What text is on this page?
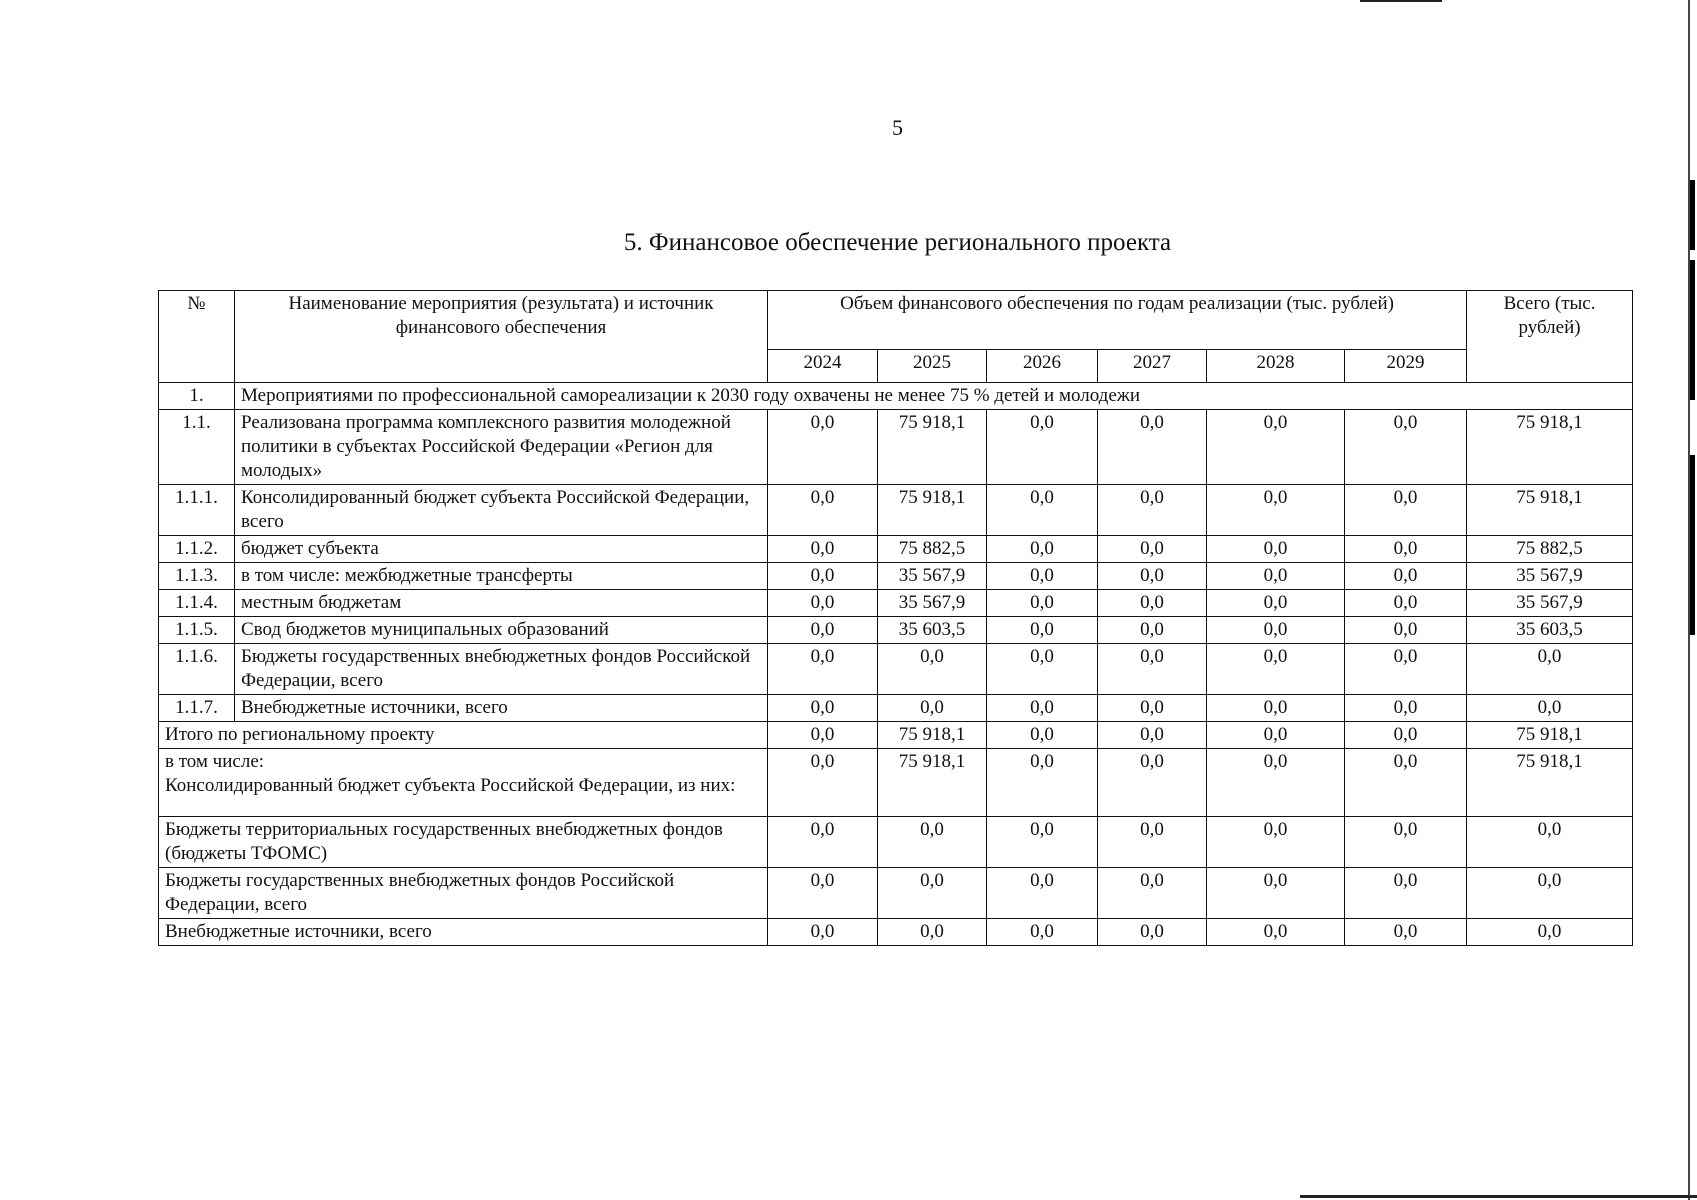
5
5. Финансовое обеспечение регионального проекта
№	Наименование мероприятия (результата) и источник финансового обеспечения	Объем финансового обеспечения по годам реализации (тыс. рублей)						Всего (тыс. рублей)
		2024	2025	2026	2027	2028	2029	
1.	Мероприятиями по профессиональной самореализации к 2030 году охвачены не менее 75 % детей и молодежи							
1.1.	Реализована программа комплексного развития молодежной политики в субъектах Российской Федерации «Регион для молодых»	0,0	75 918,1	0,0	0,0	0,0	0,0	75 918,1
1.1.1.	Консолидированный бюджет субъекта Российской Федерации, всего	0,0	75 918,1	0,0	0,0	0,0	0,0	75 918,1
1.1.2.	бюджет субъекта	0,0	75 882,5	0,0	0,0	0,0	0,0	75 882,5
1.1.3.	в том числе: межбюджетные трансферты	0,0	35 567,9	0,0	0,0	0,0	0,0	35 567,9
1.1.4.	местным бюджетам	0,0	35 567,9	0,0	0,0	0,0	0,0	35 567,9
1.1.5.	Свод бюджетов муниципальных образований	0,0	35 603,5	0,0	0,0	0,0	0,0	35 603,5
1.1.6.	Бюджеты государственных внебюджетных фондов Российской Федерации, всего	0,0	0,0	0,0	0,0	0,0	0,0	0,0
1.1.7.	Внебюджетные источники, всего	0,0	0,0	0,0	0,0	0,0	0,0	0,0
Итого по региональному проекту		0,0	75 918,1	0,0	0,0	0,0	0,0	75 918,1
в том числе:
Консолидированный бюджет субъекта Российской Федерации, из них:		0,0	75 918,1	0,0	0,0	0,0	0,0	75 918,1
Бюджеты территориальных государственных внебюджетных фондов (бюджеты ТФОМС)		0,0	0,0	0,0	0,0	0,0	0,0	0,0
Бюджеты государственных внебюджетных фондов Российской Федерации, всего		0,0	0,0	0,0	0,0	0,0	0,0	0,0
Внебюджетные источники, всего		0,0	0,0	0,0	0,0	0,0	0,0	0,0
